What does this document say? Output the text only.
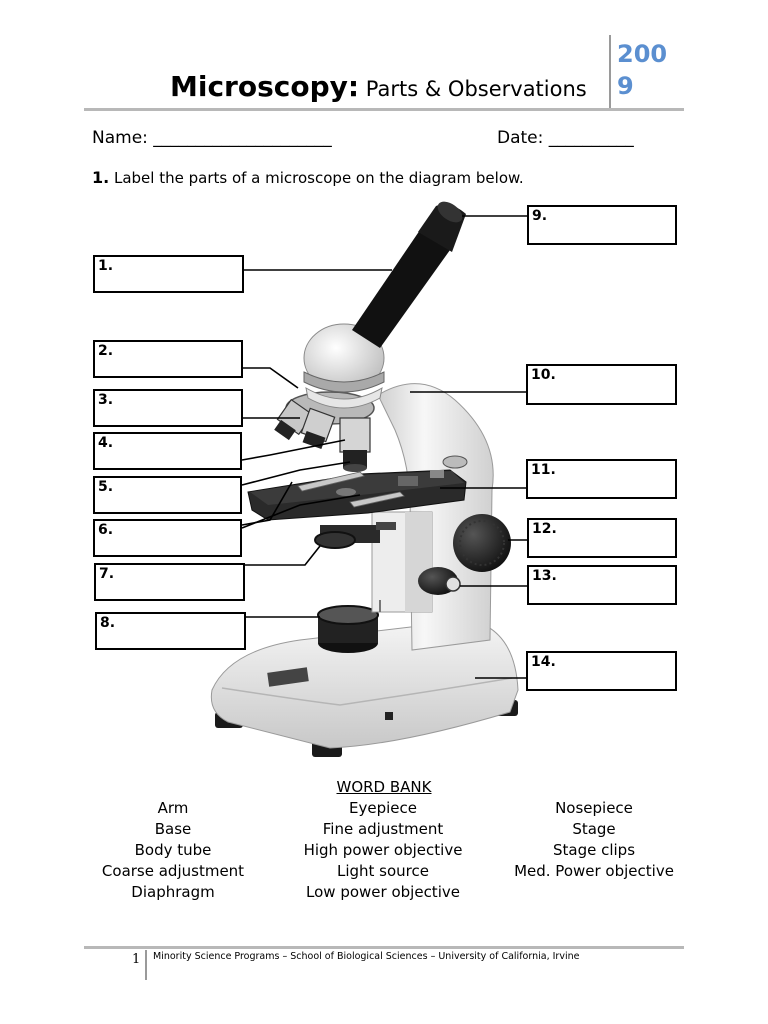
Microscopy: Parts & Observations
200
9
Name: _____________________	Date: __________
1. Label the parts of a microscope on the diagram below.
1.
2.
3.
4.
5.
6.
7.
8.
9.
10.
11.
12.
13.
14.
WORD BANK
Arm
Base
Body tube
Coarse adjustment
Diaphragm
Eyepiece
Fine adjustment
High power objective
Light source
Low power objective
Nosepiece
Stage
Stage clips
Med. Power objective
1 Minority Science Programs – School of Biological Sciences – University of California, Irvine
